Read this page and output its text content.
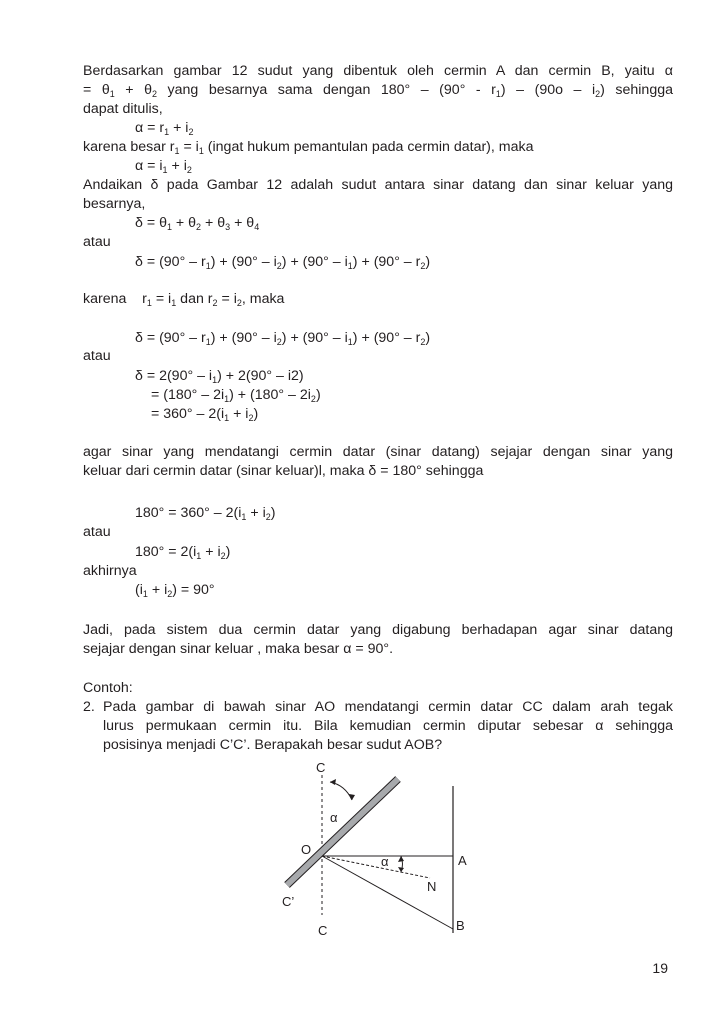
Berdasarkan gambar 12 sudut yang dibentuk oleh cermin A dan cermin B, yaitu α

= $\theta_1 + \theta_2$ yang besarnya sama dengan $180^\circ - (90^\circ - r_1) - (90o - i_2)$ sehingga

dapat ditulis,

$\alpha = r_1 + i_2$

karena besar $r_1 = i_1$ (ingat hukum pemantulan pada cermin datar), maka

$\alpha = i_1 + i_2$

Andaikan δ pada Gambar 12 adalah sudut antara sinar datang dan sinar keluar yang

besarnya,

$\delta = \theta_1 + \theta_2 + \theta_3 + \theta_4$

atau

$\delta = (90^\circ - r_1) + (90^\circ - i_2) + (90^\circ - i_1) + (90^\circ - r_2)$

karena    $r_1 = i_1$ dan $r_2 = i_2$, maka

$\delta = (90^\circ - r_1) + (90^\circ - i_2) + (90^\circ - i_1) + (90^\circ - r_2)$

atau

$\delta = 2(90^\circ - i_1) + 2(90^\circ - i2)$

= $(180^\circ - 2i_1) + (180^\circ - 2i_2)$

= $360^\circ - 2(i_1 + i_2)$

agar sinar yang mendatangi cermin datar (sinar datang) sejajar dengan sinar yang

keluar dari cermin datar (sinar keluar)l, maka δ = 180° sehingga

$180^\circ = 360^\circ - 2(i_1 + i_2)$

atau

$180^\circ = 2(i_1 + i_2)$

akhirnya

$(i_1 + i_2) = 90^\circ$

Jadi, pada sistem dua cermin datar yang digabung berhadapan agar sinar datang

sejajar dengan sinar keluar , maka besar α = 90°.

Contoh:

2. Pada gambar di bawah sinar AO mendatangi cermin datar CC dalam arah tegak

lurus permukaan cermin itu. Bila kemudian cermin diputar sebesar α sehingga

posisinya menjadi C’C’. Berapakah besar sudut AOB?

C
α
O
α	A
N
C’
C	B
19
